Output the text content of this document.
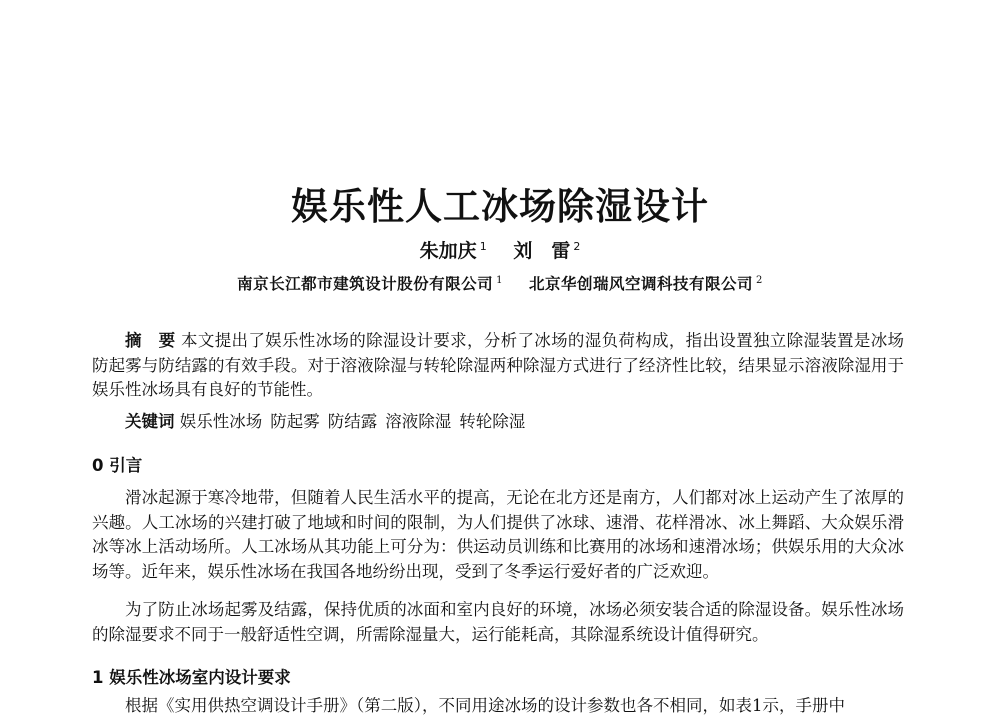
娱乐性人工冰场除湿设计
朱加庆 $^1$ 刘　雷 $^2$
南京长江都市建筑设计股份有限公司 $^1$ 北京华创瑞风空调科技有限公司 $^2$

摘　要 本文提出了娱乐性冰场的除湿设计要求，分析了冰场的湿负荷构成，指出设置独立除湿装置是冰场防起雾与防结露的有效手段。对于溶液除湿与转轮除湿两种除湿方式进行了经济性比较，结果显示溶液除湿用于娱乐性冰场具有良好的节能性。

关键词 娱乐性冰场 防起雾 防结露 溶液除湿 转轮除湿

0 引言

滑冰起源于寒冷地带，但随着人民生活水平的提高，无论在北方还是南方，人们都对冰上运动产生了浓厚的兴趣。人工冰场的兴建打破了地域和时间的限制，为人们提供了冰球、速滑、花样滑冰、冰上舞蹈、大众娱乐滑冰等冰上活动场所。人工冰场从其功能上可分为：供运动员训练和比赛用的冰场和速滑冰场；供娱乐用的大众冰场等。近年来，娱乐性冰场在我国各地纷纷出现，受到了冬季运行爱好者的广泛欢迎。

为了防止冰场起雾及结露，保持优质的冰面和室内良好的环境，冰场必须安装合适的除湿设备。娱乐性冰场的除湿要求不同于一般舒适性空调，所需除湿量大，运行能耗高，其除湿系统设计值得研究。

1 娱乐性冰场室内设计要求

根据《实用供热空调设计手册》（第二版），不同用途冰场的设计参数也各不相同，如表1示，手册中
